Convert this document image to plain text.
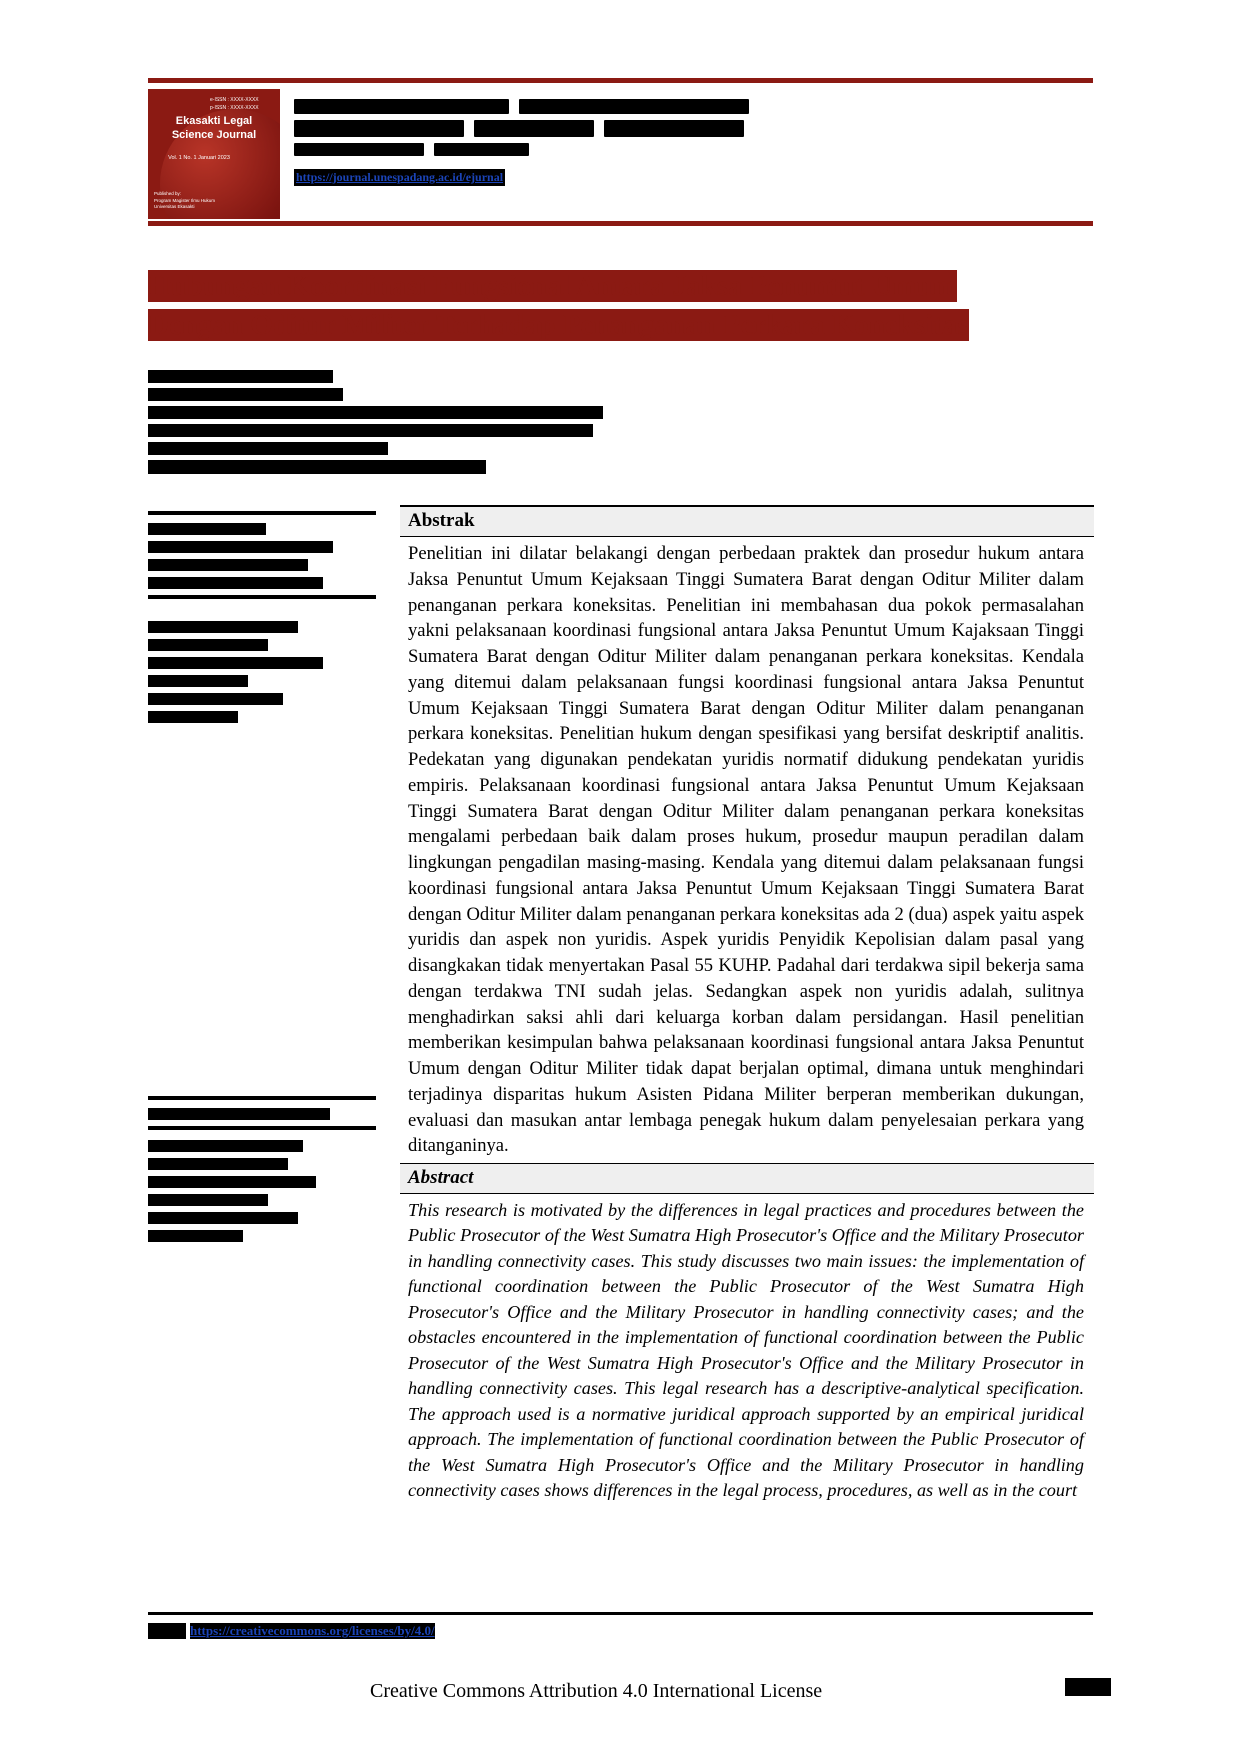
e-ISSN : XXXX-XXXX
p-ISSN : XXXX-XXXX
Ekasakti Legal
Science Journal
Vol. 1 No. 1 Januari 2023
Published by:
Program Magister Ilmu Hukum
Universitas Ekasakti
https://journal.unespadang.ac.id/ejurnal
Hubungan Koordinasi Fungsional Antara Jaksa Penuntut Umum Dengan Oditur Militer Terhadap Penanganan Perkara Koneksitas
Abstrak
Penelitian ini dilatar belakangi dengan perbedaan praktek dan prosedur hukum antara Jaksa Penuntut Umum Kejaksaan Tinggi Sumatera Barat dengan Oditur Militer dalam penanganan perkara koneksitas. Penelitian ini membahasan dua pokok permasalahan yakni pelaksanaan koordinasi fungsional antara Jaksa Penuntut Umum Kajaksaan Tinggi Sumatera Barat dengan Oditur Militer dalam penanganan perkara koneksitas. Kendala yang ditemui dalam pelaksanaan fungsi koordinasi fungsional antara Jaksa Penuntut Umum Kejaksaan Tinggi Sumatera Barat dengan Oditur Militer dalam penanganan perkara koneksitas. Penelitian hukum dengan spesifikasi yang bersifat deskriptif analitis. Pedekatan yang digunakan pendekatan yuridis normatif didukung pendekatan yuridis empiris. Pelaksanaan koordinasi fungsional antara Jaksa Penuntut Umum Kejaksaan Tinggi Sumatera Barat dengan Oditur Militer dalam penanganan perkara koneksitas mengalami perbedaan baik dalam proses hukum, prosedur maupun peradilan dalam lingkungan pengadilan masing-masing. Kendala yang ditemui dalam pelaksanaan fungsi koordinasi fungsional antara Jaksa Penuntut Umum Kejaksaan Tinggi Sumatera Barat dengan Oditur Militer dalam penanganan perkara koneksitas ada 2 (dua) aspek yaitu aspek yuridis dan aspek non yuridis. Aspek yuridis Penyidik Kepolisian dalam pasal yang disangkakan tidak menyertakan Pasal 55 KUHP. Padahal dari terdakwa sipil bekerja sama dengan terdakwa TNI sudah jelas. Sedangkan aspek non yuridis adalah, sulitnya menghadirkan saksi ahli dari keluarga korban dalam persidangan. Hasil penelitian memberikan kesimpulan bahwa pelaksanaan koordinasi fungsional antara Jaksa Penuntut Umum dengan Oditur Militer tidak dapat berjalan optimal, dimana untuk menghindari terjadinya disparitas hukum Asisten Pidana Militer berperan memberikan dukungan, evaluasi dan masukan antar lembaga penegak hukum dalam penyelesaian perkara yang ditanganinya.
Abstract
This research is motivated by the differences in legal practices and procedures between the Public Prosecutor of the West Sumatra High Prosecutor's Office and the Military Prosecutor in handling connectivity cases. This study discusses two main issues: the implementation of functional coordination between the Public Prosecutor of the West Sumatra High Prosecutor's Office and the Military Prosecutor in handling connectivity cases; and the obstacles encountered in the implementation of functional coordination between the Public Prosecutor of the West Sumatra High Prosecutor's Office and the Military Prosecutor in handling connectivity cases. This legal research has a descriptive-analytical specification. The approach used is a normative juridical approach supported by an empirical juridical approach. The implementation of functional coordination between the Public Prosecutor of the West Sumatra High Prosecutor's Office and the Military Prosecutor in handling connectivity cases shows differences in the legal process, procedures, as well as in the court
https://creativecommons.org/licenses/by/4.0/
Creative Commons Attribution 4.0 International License
